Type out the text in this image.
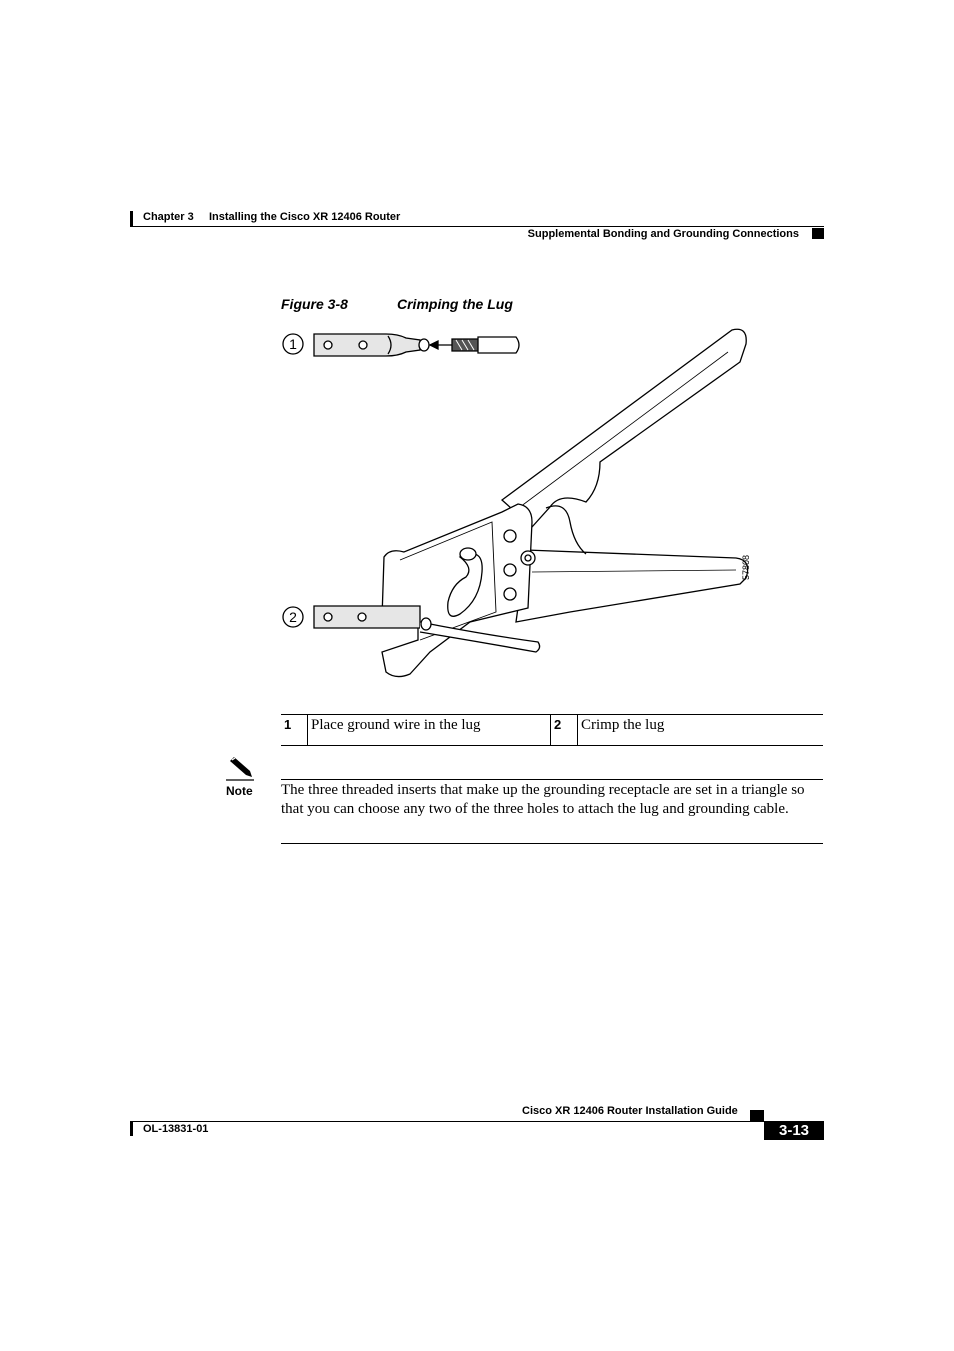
Chapter 3 Installing the Cisco XR 12406 Router
Supplemental Bonding and Grounding Connections
Figure 3-8	Crimping the Lug
1
2
57808
1	Place ground wire in the lug	2	Crimp the lug
Note The three threaded inserts that make up the grounding receptacle are set in a triangle so that you can choose any two of the three holes to attach the lug and grounding cable.
Cisco XR 12406 Router Installation Guide
OL-13831-01	3-13
